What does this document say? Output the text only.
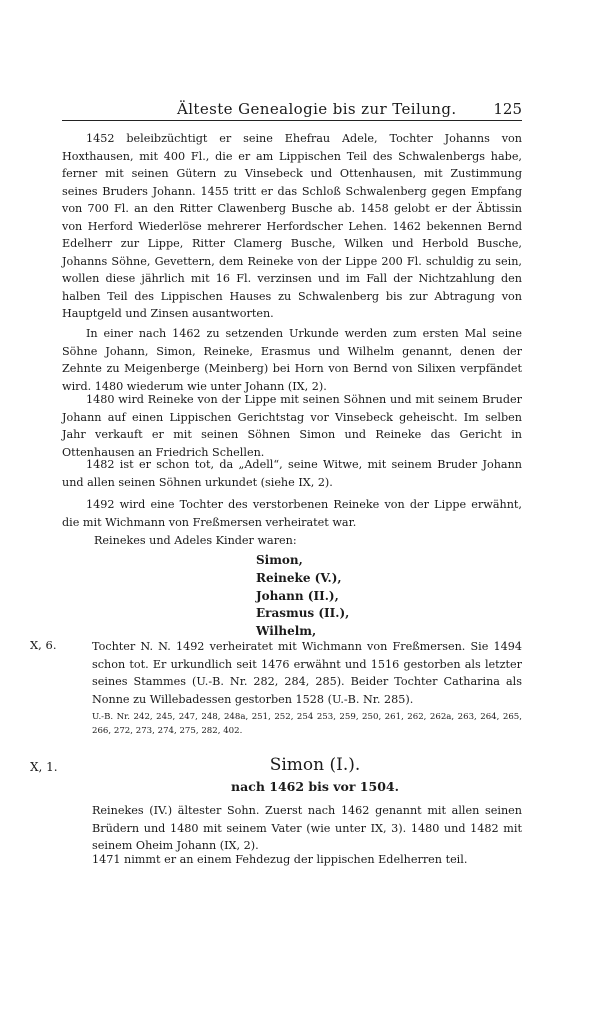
Älteste Genealogie bis zur Teilung. 125
1452 beleibzüchtigt er seine Ehefrau Adele, Tochter Johanns von Hoxthausen, mit 400 Fl., die er am Lippischen Teil des Schwalenbergs habe, ferner mit seinen Gütern zu Vinsebeck und Ottenhausen, mit Zustimmung seines Bruders Johann. 1455 tritt er das Schloß Schwalenberg gegen Empfang von 700 Fl. an den Ritter Clawenberg Busche ab. 1458 gelobt er der Äbtissin von Herford Wiederlöse mehrerer Herfordscher Lehen. 1462 bekennen Bernd Edelherr zur Lippe, Ritter Clamerg Busche, Wilken und Herbold Busche, Johanns Söhne, Gevettern, dem Reineke von der Lippe 200 Fl. schuldig zu sein, wollen diese jährlich mit 16 Fl. verzinsen und im Fall der Nichtzahlung den halben Teil des Lippischen Hauses zu Schwalenberg bis zur Abtragung von Hauptgeld und Zinsen ausantworten.
In einer nach 1462 zu setzenden Urkunde werden zum ersten Mal seine Söhne Johann, Simon, Reineke, Erasmus und Wilhelm genannt, denen der Zehnte zu Meigenberge (Meinberg) bei Horn von Bernd von Silixen verpfändet wird. 1480 wiederum wie unter Johann (IX, 2).
1480 wird Reineke von der Lippe mit seinen Söhnen und mit seinem Bruder Johann auf einen Lippischen Gerichtstag vor Vinsebeck geheischt. Im selben Jahr verkauft er mit seinen Söhnen Simon und Reineke das Gericht in Ottenhausen an Friedrich Schellen.
1482 ist er schon tot, da „Adell“, seine Witwe, mit seinem Bruder Johann und allen seinen Söhnen urkundet (siehe IX, 2).
1492 wird eine Tochter des verstorbenen Reineke von der Lippe erwähnt, die mit Wichmann von Freßmersen verheiratet war.
Reinekes und Adeles Kinder waren:
Simon,
Reineke (V.),
Johann (II.),
Erasmus (II.),
Wilhelm,
X, 6.	Tochter N. N. 1492 verheiratet mit Wichmann von Freßmersen. Sie 1494 schon tot. Er urkundlich seit 1476 erwähnt und 1516 gestorben als letzter seines Stammes (U.-B. Nr. 282, 284, 285). Beider Tochter Catharina als Nonne zu Willebadessen gestorben 1528 (U.-B. Nr. 285).
U.-B. Nr. 242, 245, 247, 248, 248a, 251, 252, 254 253, 259, 250, 261, 262, 262a, 263, 264, 265, 266, 272, 273, 274, 275, 282, 402.
X, 1.	Simon (I.).
nach 1462 bis vor 1504.
Reinekes (IV.) ältester Sohn. Zuerst nach 1462 genannt mit allen seinen Brüdern und 1480 mit seinem Vater (wie unter IX, 3). 1480 und 1482 mit seinem Oheim Johann (IX, 2).
1471 nimmt er an einem Fehdezug der lippischen Edelherren teil.
